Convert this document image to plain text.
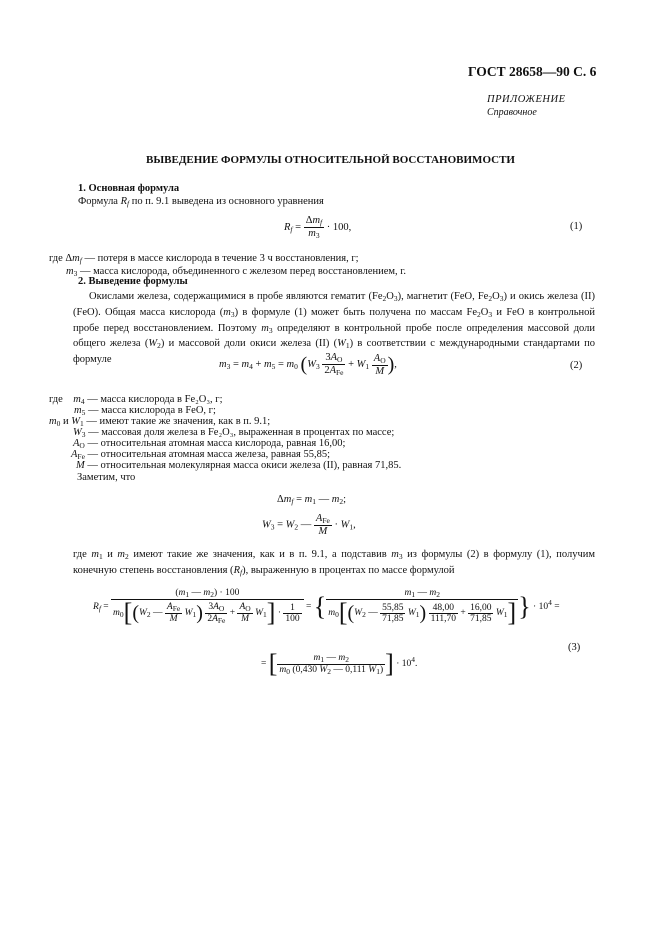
ГОСТ 28658—90 С. 6
ПРИЛОЖЕНИЕ
Справочное
ВЫВЕДЕНИЕ ФОРМУЛЫ ОТНОСИТЕЛЬНОЙ ВОССТАНОВИМОСТИ
1. Основная формула
Формула $R_f$ по п. 9.1 выведена из основного уравнения
$R_f = \frac{\Delta m_f}{m_3} \cdot 100$,	(1)
где $\Delta m_f$ — потеря в массе кислорода в течение 3 ч восстановления, г;
$m_3$ — масса кислорода, объединенного с железом перед восстановлением, г.
2. Выведение формулы
Окислами железа, содержащимися в пробе являются гематит $(Fe_2O_3)$, магнетит (FeO, $Fe_2O_3$) и окись железа (II) (FeO). Общая масса кислорода $(m_3)$ в формуле (1) может быть получена по массам $Fe_2O_3$ и FeO в контрольной пробе перед восстановлением. Поэтому $m_3$ определяют в контрольной пробе после определения массовой доли общего железа $(W_2)$ и массовой доли окиси железа (II) $(W_1)$ в соответствии с международными стандартами по формуле	$m_3 = m_4 + m_5 = m_0$ ($W_3 \frac{3A_O}{2A_{Fe}} + W_1 \frac{A_O}{M}$ ),	(2)
где    $m_4$ — масса кислорода в Fe₂O₃, г;
$m_5$ — масса кислорода в FeO, г;
$m_0$ и $W_1$ — имеют такие же значения, как в п. 9.1;
$W_3$ — массовая доля железа в Fe₂O₃, выраженная в процентах по массе;
$A_O$ — относительная атомная масса кислорода, равная 16,00;
$A_{Fe}$ — относительная атомная масса железа, равная 55,85;
M — относительная молекулярная масса окиси железа (II), равная 71,85.
Заметим, что
$\Delta m_f = m_1$ — $m_2$;
$W_3 = W_2$ — $\frac{A_{Fe}}{M} \cdot W_1$,
где $m_1$ и $m_2$ имеют такие же значения, как и в п. 9.1, а подставив $m_3$ из формулы (2) в формулу (1), получим конечную степень восстановления $(R_f)$, выраженную в процентах по массе формулой
$R_f = \frac{(m_1 — m_2) \cdot 100}{m_0[(W_2 — \frac{A_{Fe}}{M} W_1) \frac{3A_O}{2A_{Fe}} + \frac{A_O}{M} W_1] \cdot \frac{1}{100}}$ = { $\frac{m_1 — m_2}{m_0[(W_2 — \frac{55,85}{71,85} W_1) \frac{48,00}{111,70} + \frac{16,00}{71,85} W_1]}$ } · $10^4$ =
(3)
= [ $\frac{m_1 — m_2}{m_0 (0,430 W_2 — 0,111 W_1)}$ ] · $10^4$.
